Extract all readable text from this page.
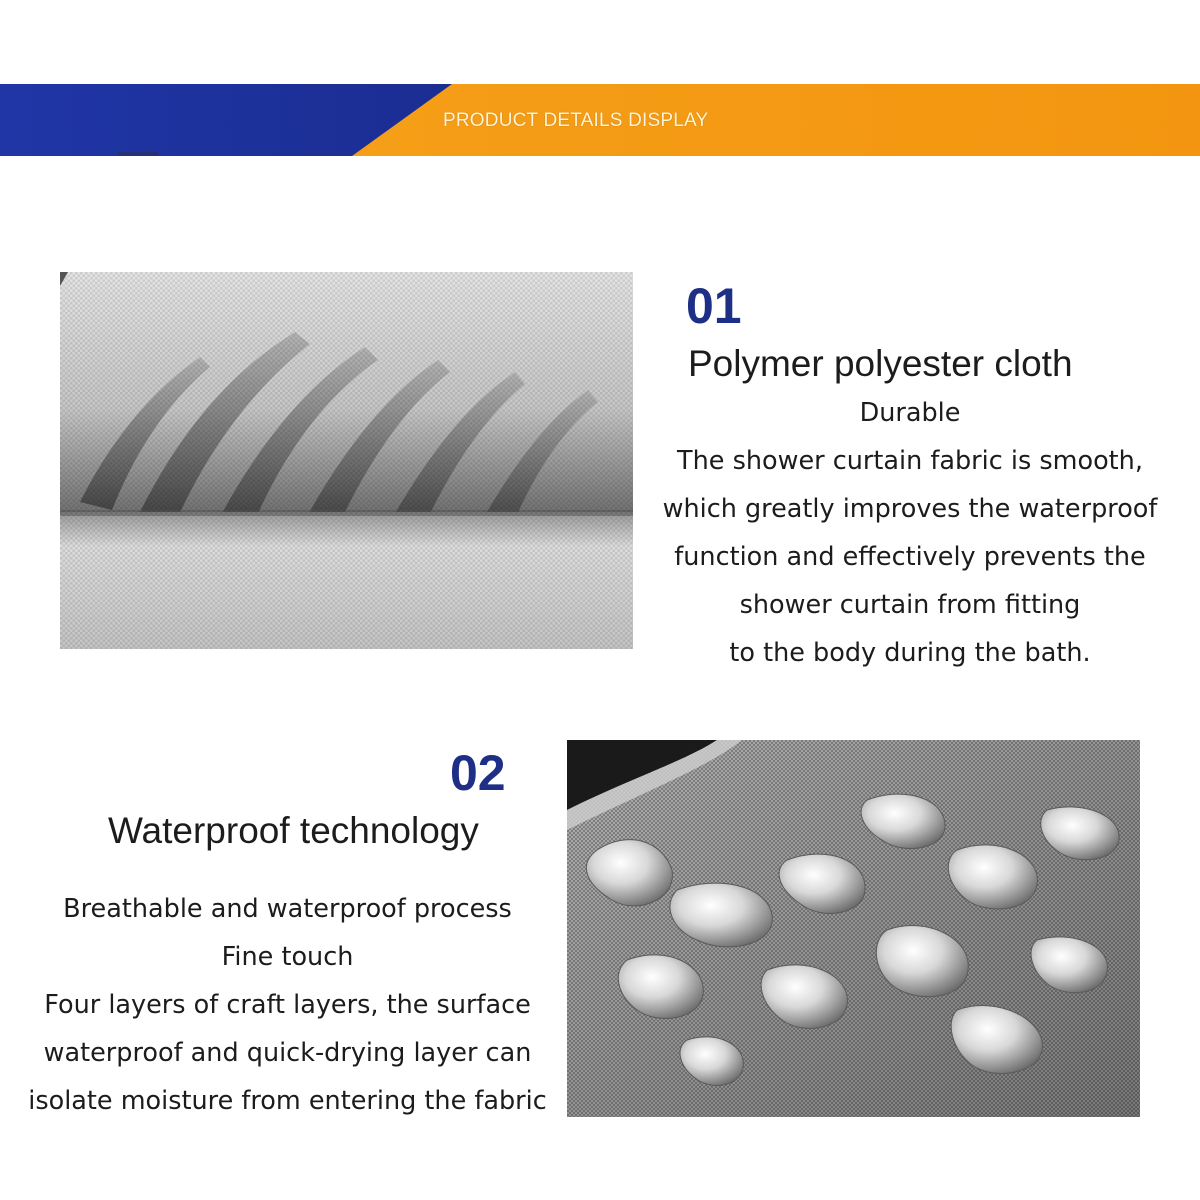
PRODUCT DETAILS DISPLAY
01
Polymer polyester cloth
Durable
The shower curtain fabric is smooth,
which greatly improves the waterproof
function and effectively prevents the
shower curtain from fitting
to the body during the bath.
02
Waterproof technology
Breathable and waterproof process
Fine touch
Four layers of craft layers, the surface
waterproof and quick-drying layer can
isolate moisture from entering the fabric
